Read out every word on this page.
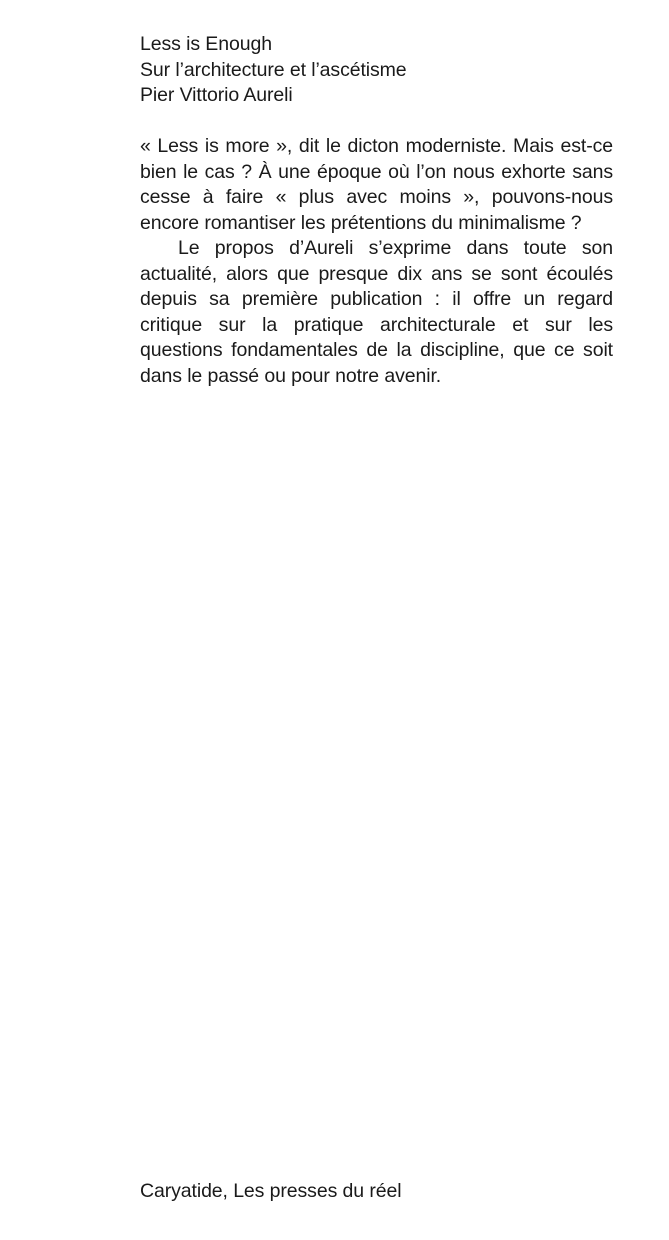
Less is Enough
Sur l’architecture et l’ascétisme
Pier Vittorio Aureli

« Less is more », dit le dicton moderniste. Mais est-ce bien le cas ? À une époque où l’on nous exhorte sans cesse à faire « plus avec moins », pouvons-nous encore romantiser les prétentions du minimalisme ?

Le propos d’Aureli s’exprime dans toute son actualité, alors que presque dix ans se sont écoulés depuis sa première publication : il offre un regard critique sur la pratique architecturale et sur les questions fondamentales de la discipline, que ce soit dans le passé ou pour notre avenir.

Caryatide, Les presses du réel
